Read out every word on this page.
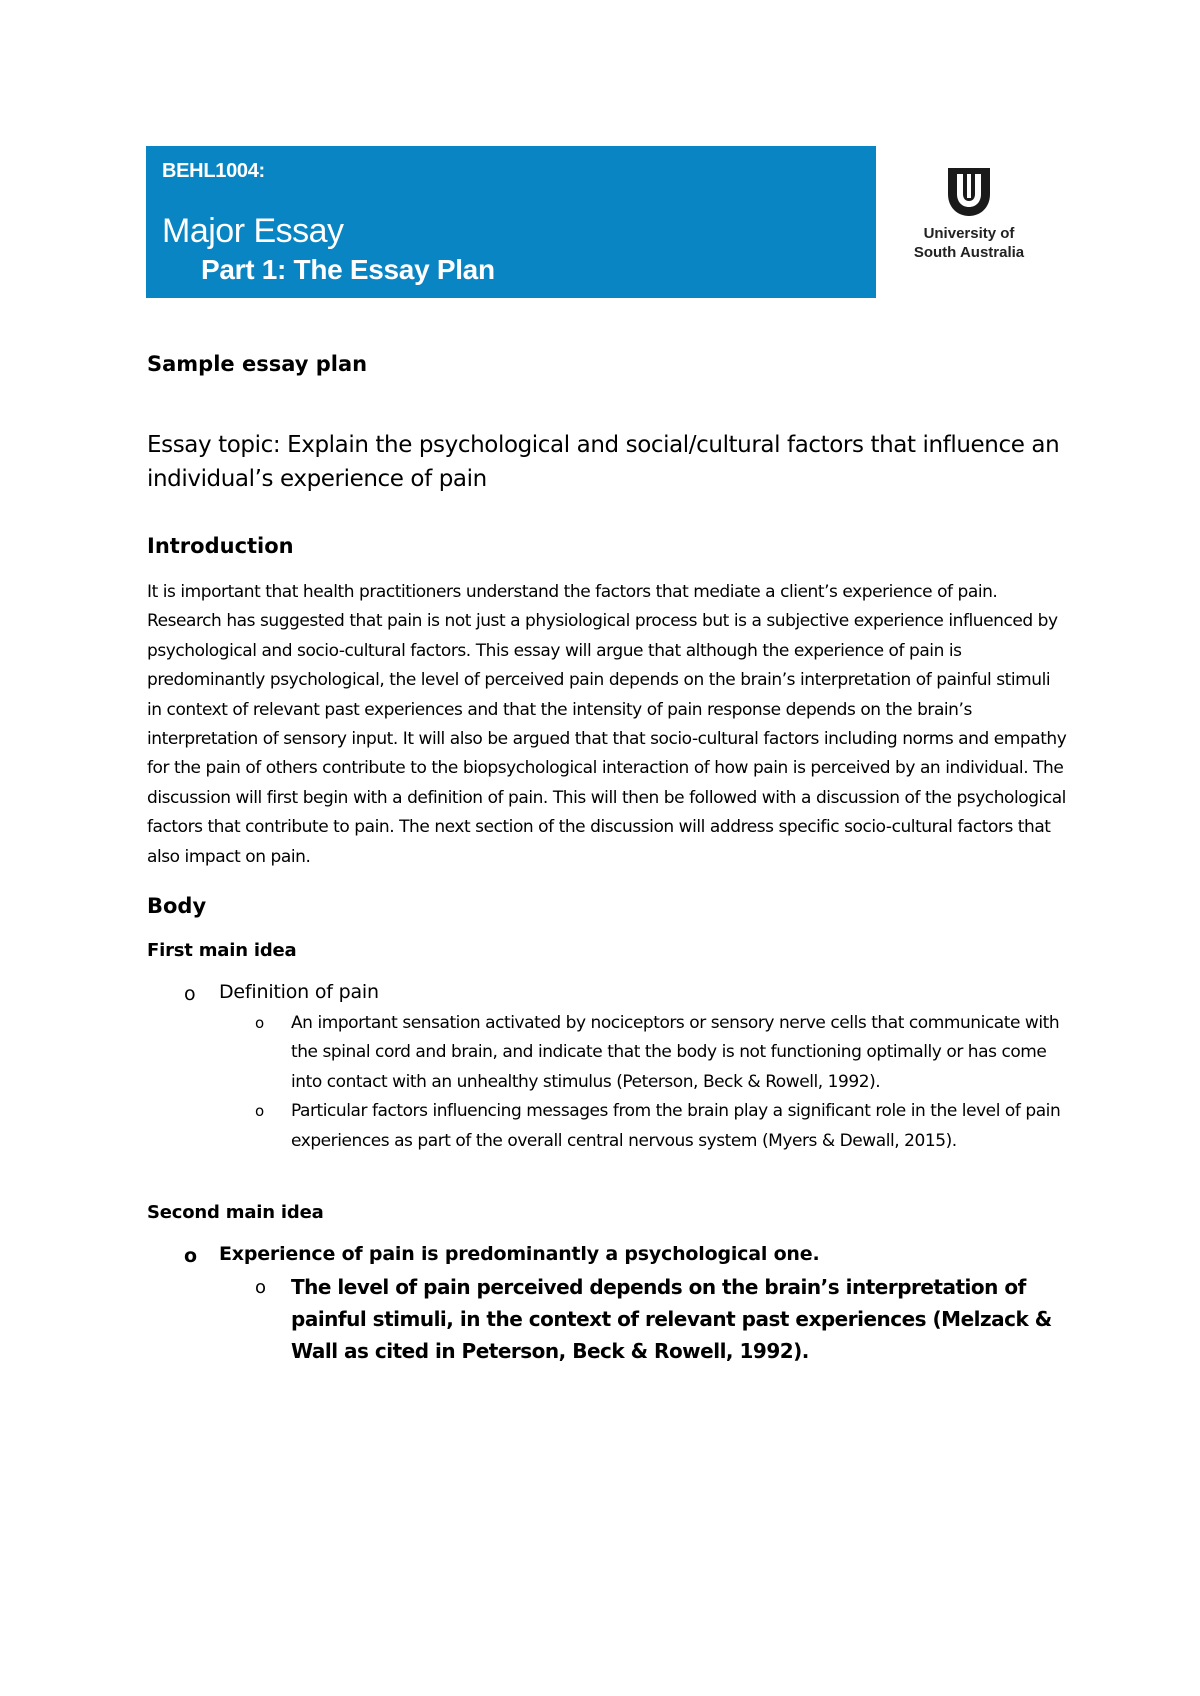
BEHL1004:
Major Essay
Part 1: The Essay Plan
University of
South Australia
Sample essay plan

Essay topic: Explain the psychological and social/cultural factors that influence an individual’s experience of pain

Introduction

It is important that health practitioners understand the factors that mediate a client’s experience of pain. Research has suggested that pain is not just a physiological process but is a subjective experience influenced by psychological and socio-cultural factors. This essay will argue that although the experience of pain is predominantly psychological, the level of perceived pain depends on the brain’s interpretation of painful stimuli in context of relevant past experiences and that the intensity of pain response depends on the brain’s interpretation of sensory input. It will also be argued that that socio-cultural factors including norms and empathy for the pain of others contribute to the biopsychological interaction of how pain is perceived by an individual. The discussion will first begin with a definition of pain. This will then be followed with a discussion of the psychological factors that contribute to pain. The next section of the discussion will address specific socio-cultural factors that also impact on pain.

Body
First main idea
o Definition of pain
o An important sensation activated by nociceptors or sensory nerve cells that communicate with the spinal cord and brain, and indicate that the body is not functioning optimally or has come into contact with an unhealthy stimulus (Peterson, Beck & Rowell, 1992).
o Particular factors influencing messages from the brain play a significant role in the level of pain experiences as part of the overall central nervous system (Myers & Dewall, 2015).
Second main idea
o Experience of pain is predominantly a psychological one.
o The level of pain perceived depends on the brain’s interpretation of painful stimuli, in the context of relevant past experiences (Melzack & Wall as cited in Peterson, Beck & Rowell, 1992).
